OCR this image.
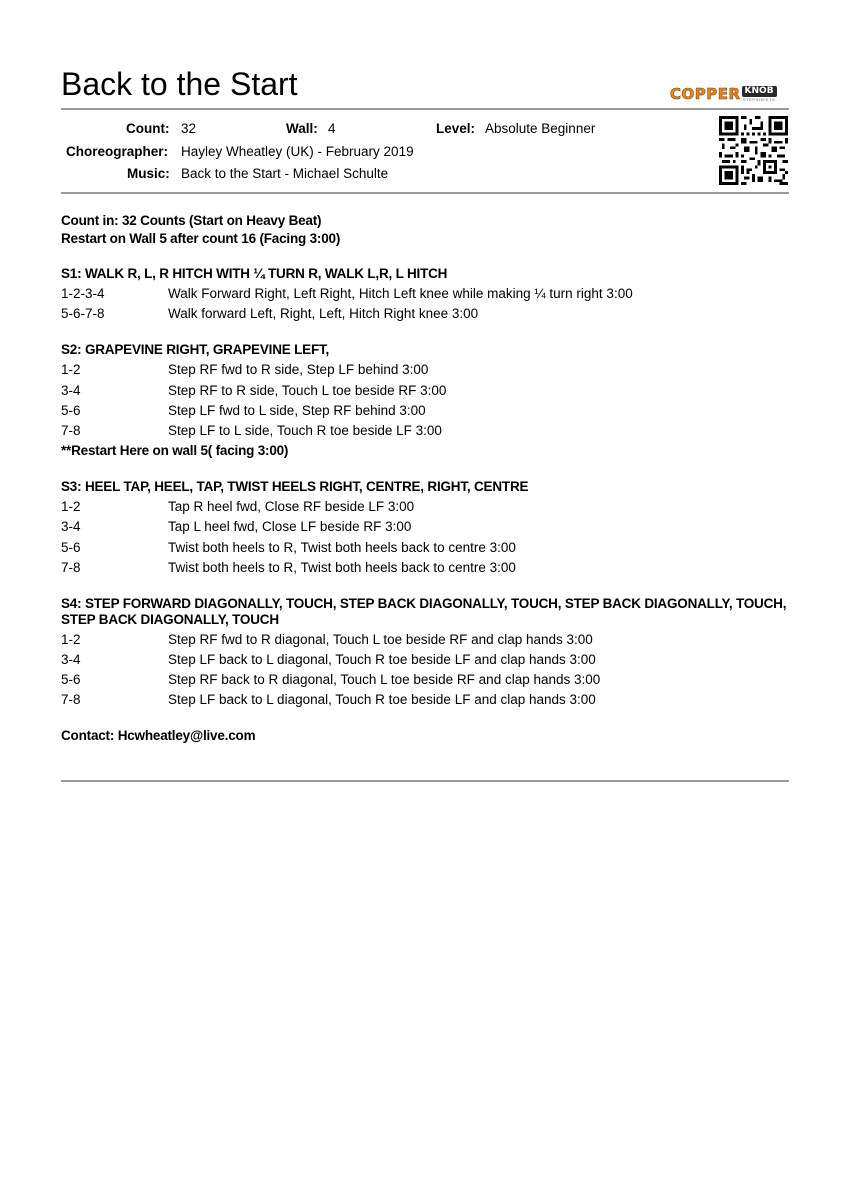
Back to the Start	COPPER KNOB
STEPSHEETS
Count: 32	Wall: 4	Level: Absolute Beginner
Choreographer: Hayley Wheatley (UK) - February 2019
Music: Back to the Start - Michael Schulte
Count in: 32 Counts (Start on Heavy Beat)
Restart on Wall 5 after count 16 (Facing 3:00)
S1: WALK R, L, R HITCH WITH ¼ TURN R, WALK L,R, L HITCH
1-2-3-4	Walk Forward Right, Left Right, Hitch Left knee while making ¼ turn right 3:00
5-6-7-8	Walk forward Left, Right, Left, Hitch Right knee 3:00
S2: GRAPEVINE RIGHT, GRAPEVINE LEFT,
1-2	Step RF fwd to R side, Step LF behind 3:00
3-4	Step RF to R side, Touch L toe beside RF 3:00
5-6	Step LF fwd to L side, Step RF behind 3:00
7-8	Step LF to L side, Touch R toe beside LF 3:00
**Restart Here on wall 5( facing 3:00)
S3: HEEL TAP, HEEL, TAP, TWIST HEELS RIGHT, CENTRE, RIGHT, CENTRE
1-2	Tap R heel fwd, Close RF beside LF 3:00
3-4	Tap L heel fwd, Close LF beside RF 3:00
5-6	Twist both heels to R, Twist both heels back to centre 3:00
7-8	Twist both heels to R, Twist both heels back to centre 3:00
S4: STEP FORWARD DIAGONALLY, TOUCH, STEP BACK DIAGONALLY, TOUCH, STEP BACK DIAGONALLY, TOUCH, STEP BACK DIAGONALLY, TOUCH
1-2	Step RF fwd to R diagonal, Touch L toe beside RF and clap hands 3:00
3-4	Step LF back to L diagonal, Touch R toe beside LF and clap hands 3:00
5-6	Step RF back to R diagonal, Touch L toe beside RF and clap hands 3:00
7-8	Step LF back to L diagonal, Touch R toe beside LF and clap hands 3:00
Contact: Hcwheatley@live.com
